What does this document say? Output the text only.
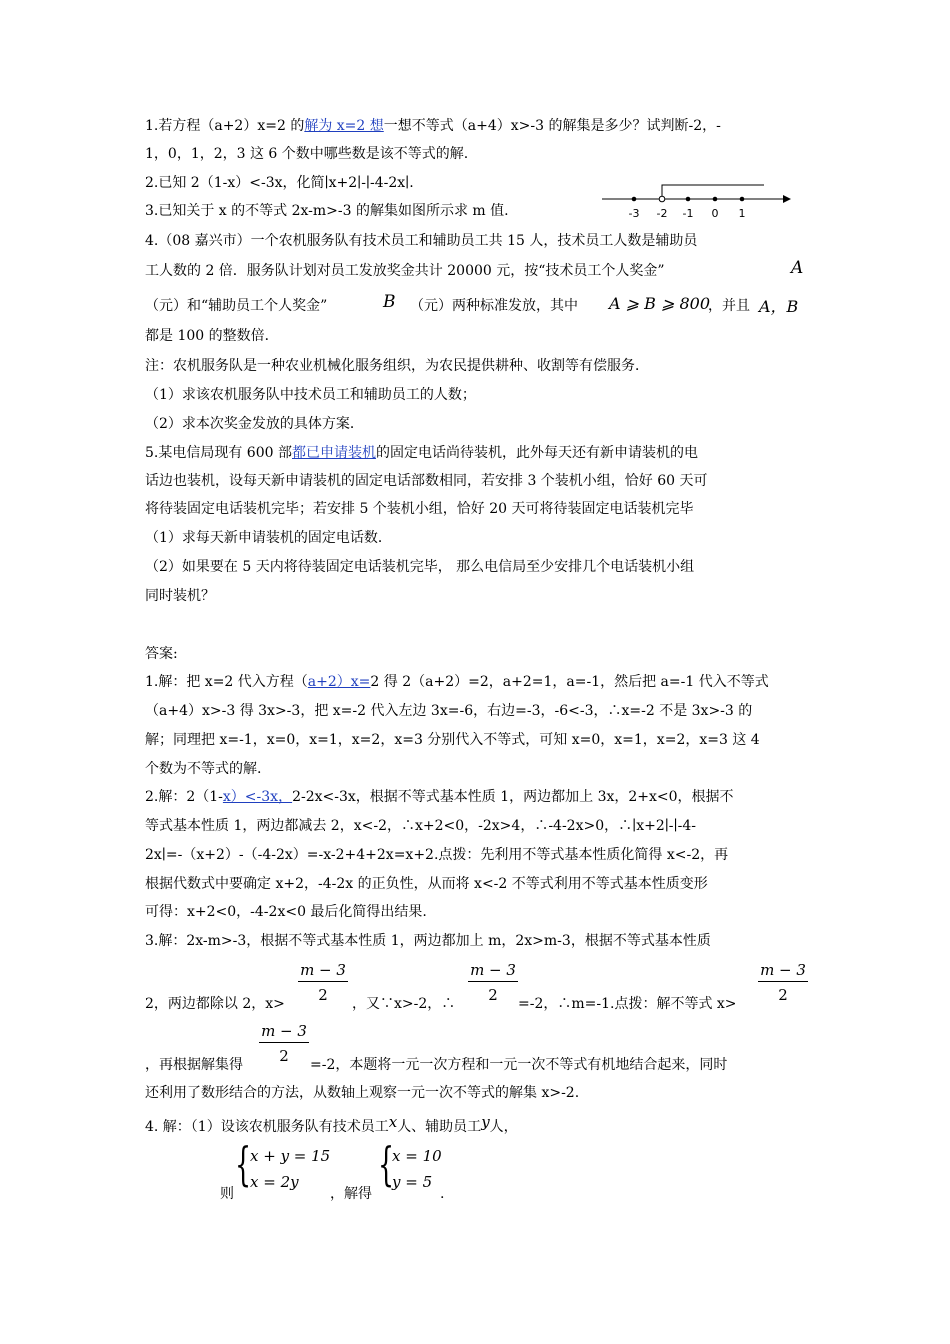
1.若方程（a+2）x=2 的解为 x=2 想一想不等式（a+4）x>-3 的解集是多少？试判断-2，-
1，0，1，2，3 这 6 个数中哪些数是该不等式的解.
2.已知 2（1-x）<-3x，化简∣x+2∣-∣-4-2x∣.
3.已知关于 x 的不等式 2x-m>-3 的解集如图所示求 m 值.	-3 -2 -1 0 1
4.（08 嘉兴市）一个农机服务队有技术员工和辅助员工共 15 人，技术员工人数是辅助员
工人数的 2 倍．服务队计划对员工发放奖金共计 20000 元，按“技术员工个人奖金”	A
（元）和“辅助员工个人奖金”	B （元）两种标准发放，其中 A ⩾ B ⩾ 800
，并且 A，B
都是 100 的整数倍．
注：农机服务队是一种农业机械化服务组织，为农民提供耕种、收割等有偿服务．
（1）求该农机服务队中技术员工和辅助员工的人数；
（2）求本次奖金发放的具体方案．
5.某电信局现有 600 部都已申请装机的固定电话尚待装机，此外每天还有新申请装机的电
话边也装机，设每天新申请装机的固定电话部数相同，若安排 3 个装机小组，恰好 60 天可
将待装固定电话装机完毕；若安排 5 个装机小组，恰好 20 天可将待装固定电话装机完毕
（1）求每天新申请装机的固定电话数．
（2）如果要在 5 天内将待装固定电话装机完毕， 那么电信局至少安排几个电话装机小组
同时装机？
答案:
1.解：把 x=2 代入方程（a+2）x=2 得 2（a+2）=2，a+2=1，a=-1，然后把 a=-1 代入不等式
（a+4）x>-3 得 3x>-3，把 x=-2 代入左边 3x=-6，右边=-3，-6<-3，∴x=-2 不是 3x>-3 的
解；同理把 x=-1，x=0，x=1，x=2，x=3 分别代入不等式，可知 x=0，x=1，x=2，x=3 这 4
个数为不等式的解.
2.解：2（1-x）<-3x，2-2x<-3x，根据不等式基本性质 1，两边都加上 3x，2+x<0，根据不
等式基本性质 1，两边都减去 2，x<-2，∴x+2<0，-2x>4，∴-4-2x>0，∴∣x+2∣-∣-4-
2x∣=-（x+2）-（-4-2x）=-x-2+4+2x=x+2.点拨：先利用不等式基本性质化简得 x<-2，再
根据代数式中要确定 x+2，-4-2x 的正负性，从而将 x<-2 不等式利用不等式基本性质变形
可得：x+2<0，-4-2x<0 最后化简得出结果.
3.解：2x-m>-3，根据不等式基本性质 1，两边都加上 m，2x>m-3，根据不等式基本性质
2，两边都除以 2，$x> \frac{m - 3}{2}$ ，又∵x>-2，∴ $\frac{m - 3}{2} =-2$，∴m=-1.点拨：解不等式 $x> \frac{m - 3}{2}$
$\frac{m - 3}{2}$
，再根据解集得	=-2，本题将一元一次方程和一元一次不等式有机地结合起来，同时
还利用了数形结合的方法，从数轴上观察一元一次不等式的解集 x>-2.
4. 解：（1）设该农机服务队有技术员工x人、辅助员工y人，
则
{
x + y = 15
x = 2y
，解得
{
x = 10
y = 5
.
